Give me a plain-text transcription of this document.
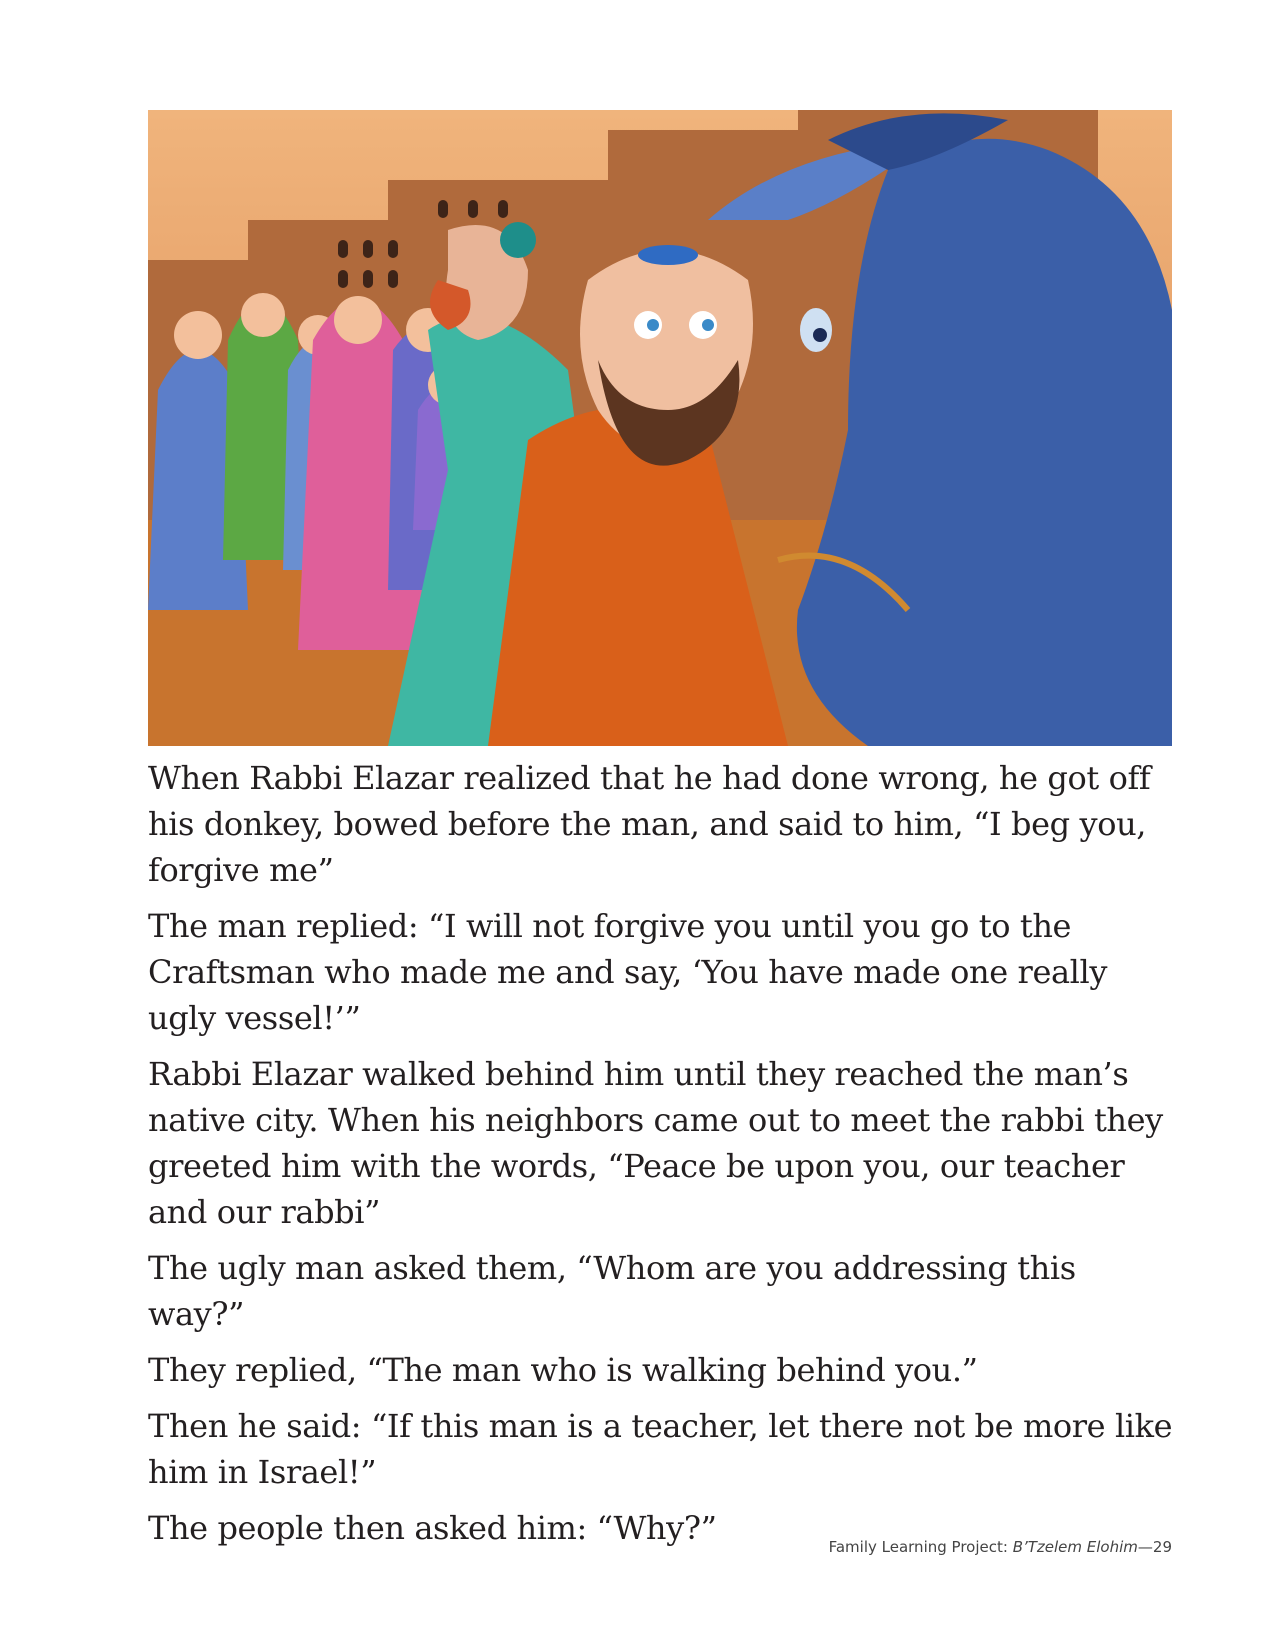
When Rabbi Elazar realized that he had done wrong, he got off his donkey, bowed before the man, and said to him, “I beg you, forgive me”

The man replied: “I will not forgive you until you go to the Craftsman who made me and say, ‘You have made one really ugly vessel!’”

Rabbi Elazar walked behind him until they reached the man’s native city. When his neighbors came out to meet the rabbi they greeted him with the words, “Peace be upon you, our teacher and our rabbi”

The ugly man asked them, “Whom are you addressing this way?”

They replied, “The man who is walking behind you.”

Then he said: “If this man is a teacher, let there not be more like him in Israel!”

The people then asked him: “Why?”	Family Learning Project: B’Tzelem Elohim—29
